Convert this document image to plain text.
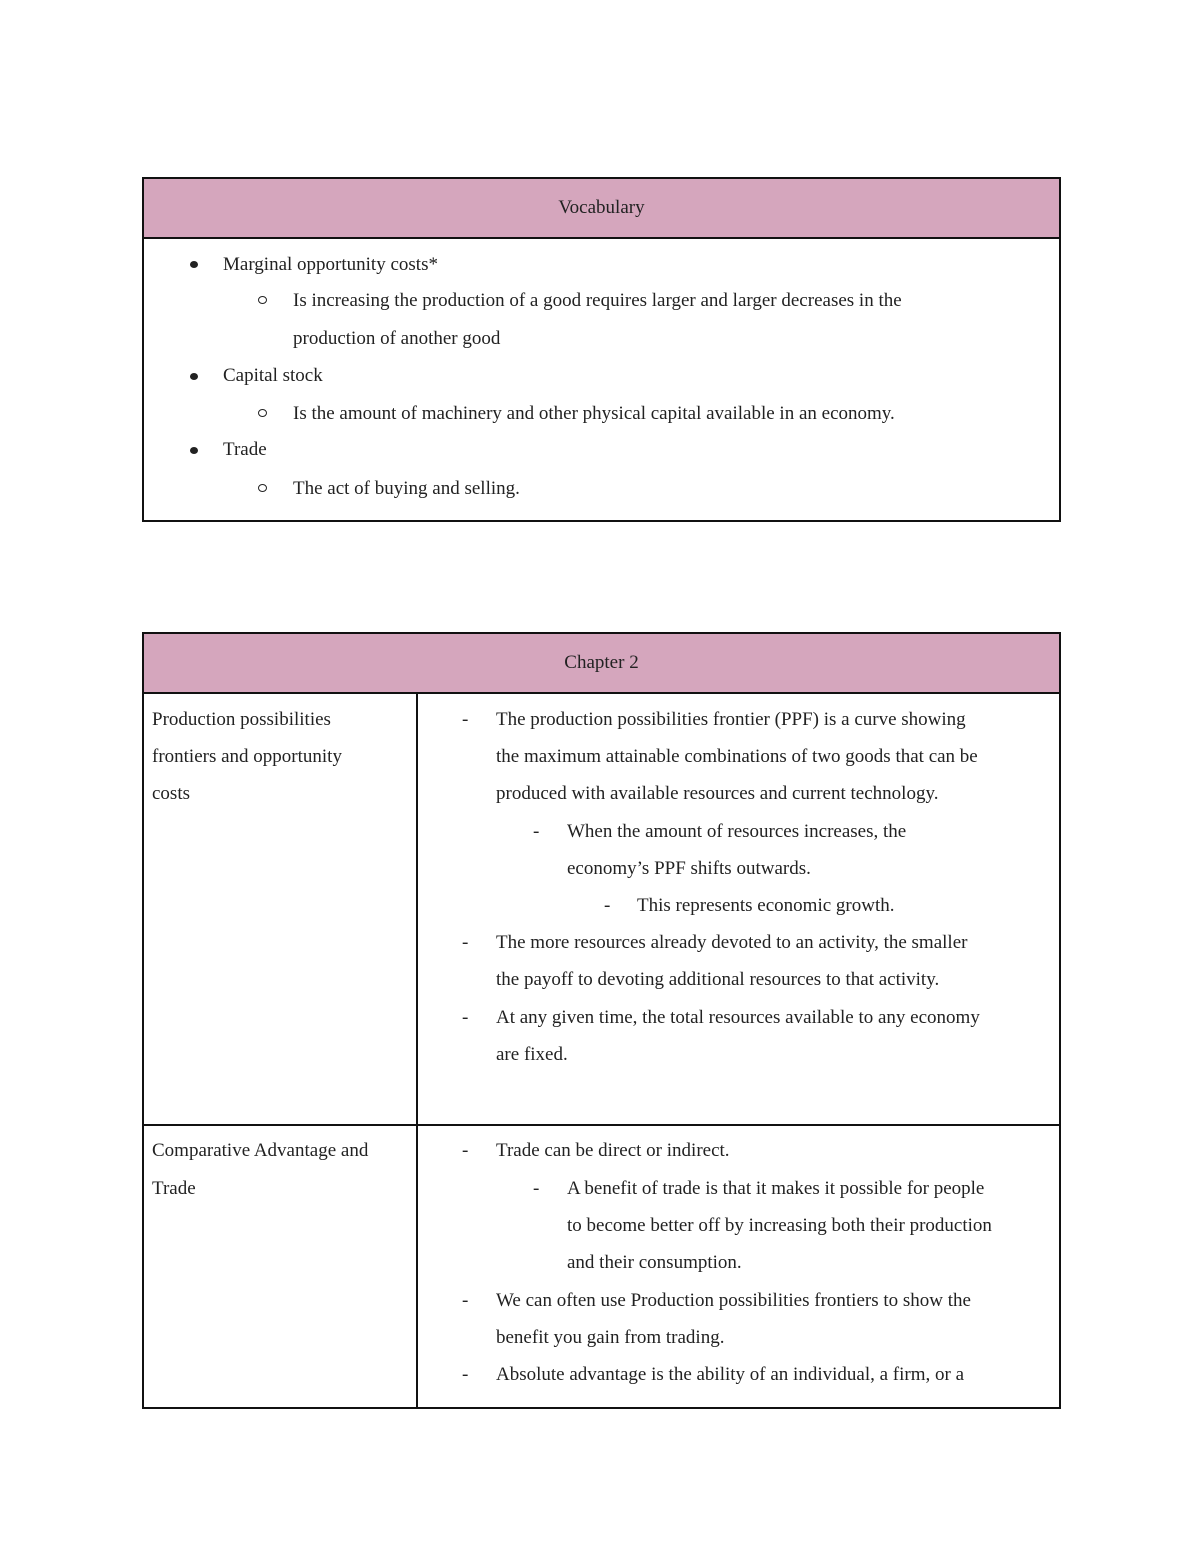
Vocabulary
Marginal opportunity costs*
Is increasing the production of a good requires larger and larger decreases in the
production of another good
Capital stock
Is the amount of machinery and other physical capital available in an economy.
Trade
The act of buying and selling.
Chapter 2
Production possibilities
frontiers and opportunity
costs
- The production possibilities frontier (PPF) is a curve showing
the maximum attainable combinations of two goods that can be
produced with available resources and current technology.
- When the amount of resources increases, the
economy’s PPF shifts outwards.
- This represents economic growth.
- The more resources already devoted to an activity, the smaller
the payoff to devoting additional resources to that activity.
- At any given time, the total resources available to any economy
are fixed.
Comparative Advantage and
Trade
- Trade can be direct or indirect.
- A benefit of trade is that it makes it possible for people
to become better off by increasing both their production
and their consumption.
- We can often use Production possibilities frontiers to show the
benefit you gain from trading.
- Absolute advantage is the ability of an individual, a firm, or a
